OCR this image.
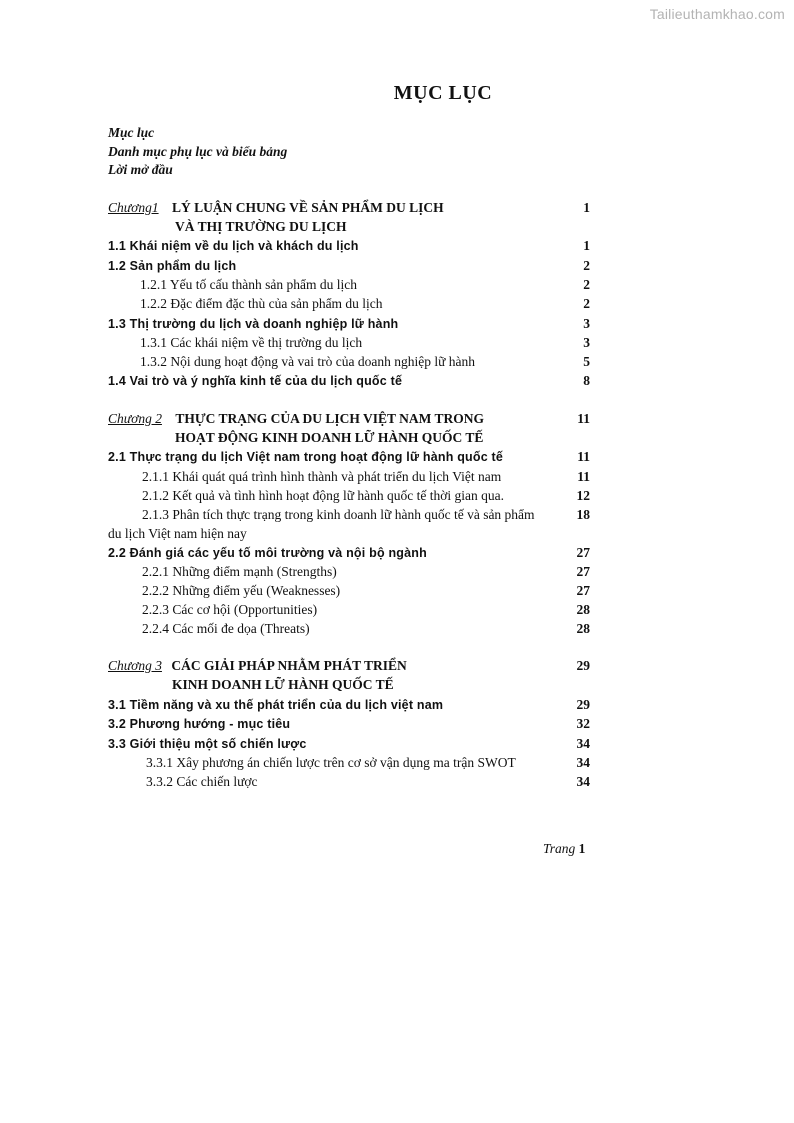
Tailieuthamkhao.com
MỤC LỤC
Mục lục
Danh mục phụ lục và biểu bảng
Lời mở đầu
Chương1 LÝ LUẬN CHUNG VỀ SẢN PHẨM DU LỊCH	1
VÀ THỊ TRƯỜNG DU LỊCH
1.1 Khái niệm về du lịch và khách du lịch	1
1.2 Sản phẩm du lịch	2
1.2.1 Yếu tố cấu thành sản phẩm du lịch	2
1.2.2 Đặc điểm đặc thù của sản phẩm du lịch	2
1.3 Thị trường du lịch và doanh nghiệp lữ hành	3
1.3.1 Các khái niệm về thị trường du lịch	3
1.3.2 Nội dung hoạt động và vai trò của doanh nghiệp lữ hành	5
1.4 Vai trò và ý nghĩa kinh tế của du lịch quốc tế	8
Chương 2 THỰC TRẠNG CỦA DU LỊCH VIỆT NAM TRONG	11
HOẠT ĐỘNG KINH DOANH LỮ HÀNH QUỐC TẾ
2.1 Thực trạng du lịch Việt nam trong hoạt động lữ hành quốc tế	11
2.1.1 Khái quát quá trình hình thành và phát triển du lịch Việt nam	11
2.1.2 Kết quả và tình hình hoạt động lữ hành quốc tế thời gian qua.	12
2.1.3 Phân tích thực trạng trong kinh doanh lữ hành quốc tế và sản phẩm	18
du lịch Việt nam hiện nay
2.2 Đánh giá các yếu tố môi trường và nội bộ ngành	27
2.2.1 Những điểm mạnh (Strengths)	27
2.2.2 Những điểm yếu (Weaknesses)	27
2.2.3 Các cơ hội (Opportunities)	28
2.2.4 Các mối đe dọa (Threats)	28
Chương 3 CÁC GIẢI PHÁP NHẰM PHÁT TRIỂN	29
KINH DOANH LỮ HÀNH QUỐC TẾ
3.1 Tiềm năng và xu thế phát triển của du lịch việt nam	29
3.2 Phương hướng - mục tiêu	32
3.3 Giới thiệu một số chiến lược	34
3.3.1 Xây phương án chiến lược trên cơ sở vận dụng ma trận SWOT	34
3.3.2 Các chiến lược	34
Trang 1
